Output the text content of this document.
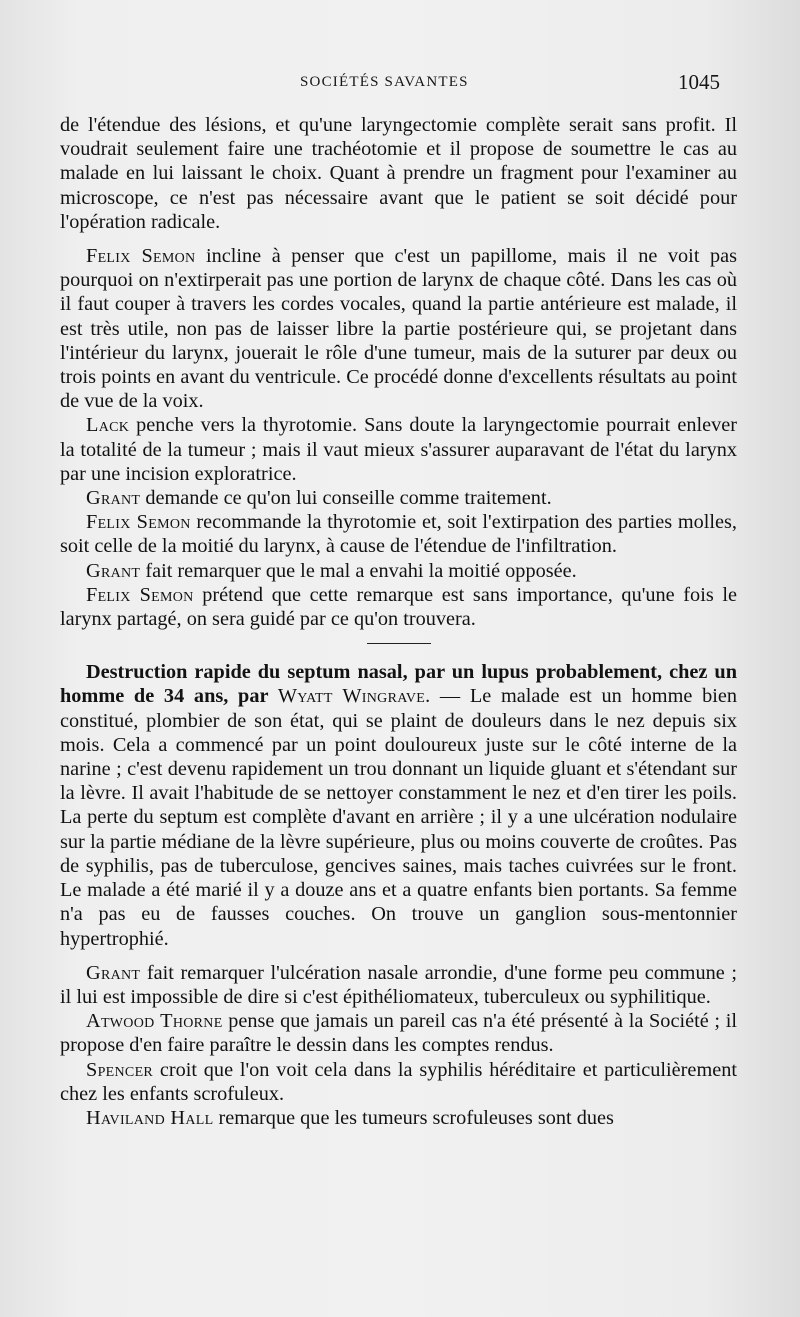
SOCIÉTÉS SAVANTES	1045

de l'étendue des lésions, et qu'une laryngectomie complète serait sans profit. Il voudrait seulement faire une trachéotomie et il propose de soumettre le cas au malade en lui laissant le choix. Quant à prendre un fragment pour l'examiner au microscope, ce n'est pas nécessaire avant que le patient se soit décidé pour l'opération radicale.

Felix Semon incline à penser que c'est un papillome, mais il ne voit pas pourquoi on n'extirperait pas une portion de larynx de chaque côté. Dans les cas où il faut couper à travers les cordes vocales, quand la partie antérieure est malade, il est très utile, non pas de laisser libre la partie postérieure qui, se projetant dans l'intérieur du larynx, jouerait le rôle d'une tumeur, mais de la suturer par deux ou trois points en avant du ventricule. Ce procédé donne d'excellents résultats au point de vue de la voix.

Lack penche vers la thyrotomie. Sans doute la laryngectomie pourrait enlever la totalité de la tumeur ; mais il vaut mieux s'assurer auparavant de l'état du larynx par une incision exploratrice.

Grant demande ce qu'on lui conseille comme traitement.

Felix Semon recommande la thyrotomie et, soit l'extirpation des parties molles, soit celle de la moitié du larynx, à cause de l'étendue de l'infiltration.

Grant fait remarquer que le mal a envahi la moitié opposée.

Felix Semon prétend que cette remarque est sans importance, qu'une fois le larynx partagé, on sera guidé par ce qu'on trouvera.

Destruction rapide du septum nasal, par un lupus probablement, chez un homme de 34 ans, par Wyatt Wingrave. — Le malade est un homme bien constitué, plombier de son état, qui se plaint de douleurs dans le nez depuis six mois. Cela a commencé par un point douloureux juste sur le côté interne de la narine ; c'est devenu rapidement un trou donnant un liquide gluant et s'étendant sur la lèvre. Il avait l'habitude de se nettoyer constamment le nez et d'en tirer les poils. La perte du septum est complète d'avant en arrière ; il y a une ulcération nodulaire sur la partie médiane de la lèvre supérieure, plus ou moins couverte de croûtes. Pas de syphilis, pas de tuberculose, gencives saines, mais taches cuivrées sur le front. Le malade a été marié il y a douze ans et a quatre enfants bien portants. Sa femme n'a pas eu de fausses couches. On trouve un ganglion sous-mentonnier hypertrophié.

Grant fait remarquer l'ulcération nasale arrondie, d'une forme peu commune ; il lui est impossible de dire si c'est épithéliomateux, tuberculeux ou syphilitique.

Atwood Thorne pense que jamais un pareil cas n'a été présenté à la Société ; il propose d'en faire paraître le dessin dans les comptes rendus.

Spencer croit que l'on voit cela dans la syphilis héréditaire et particulièrement chez les enfants scrofuleux.

Haviland Hall remarque que les tumeurs scrofuleuses sont dues
